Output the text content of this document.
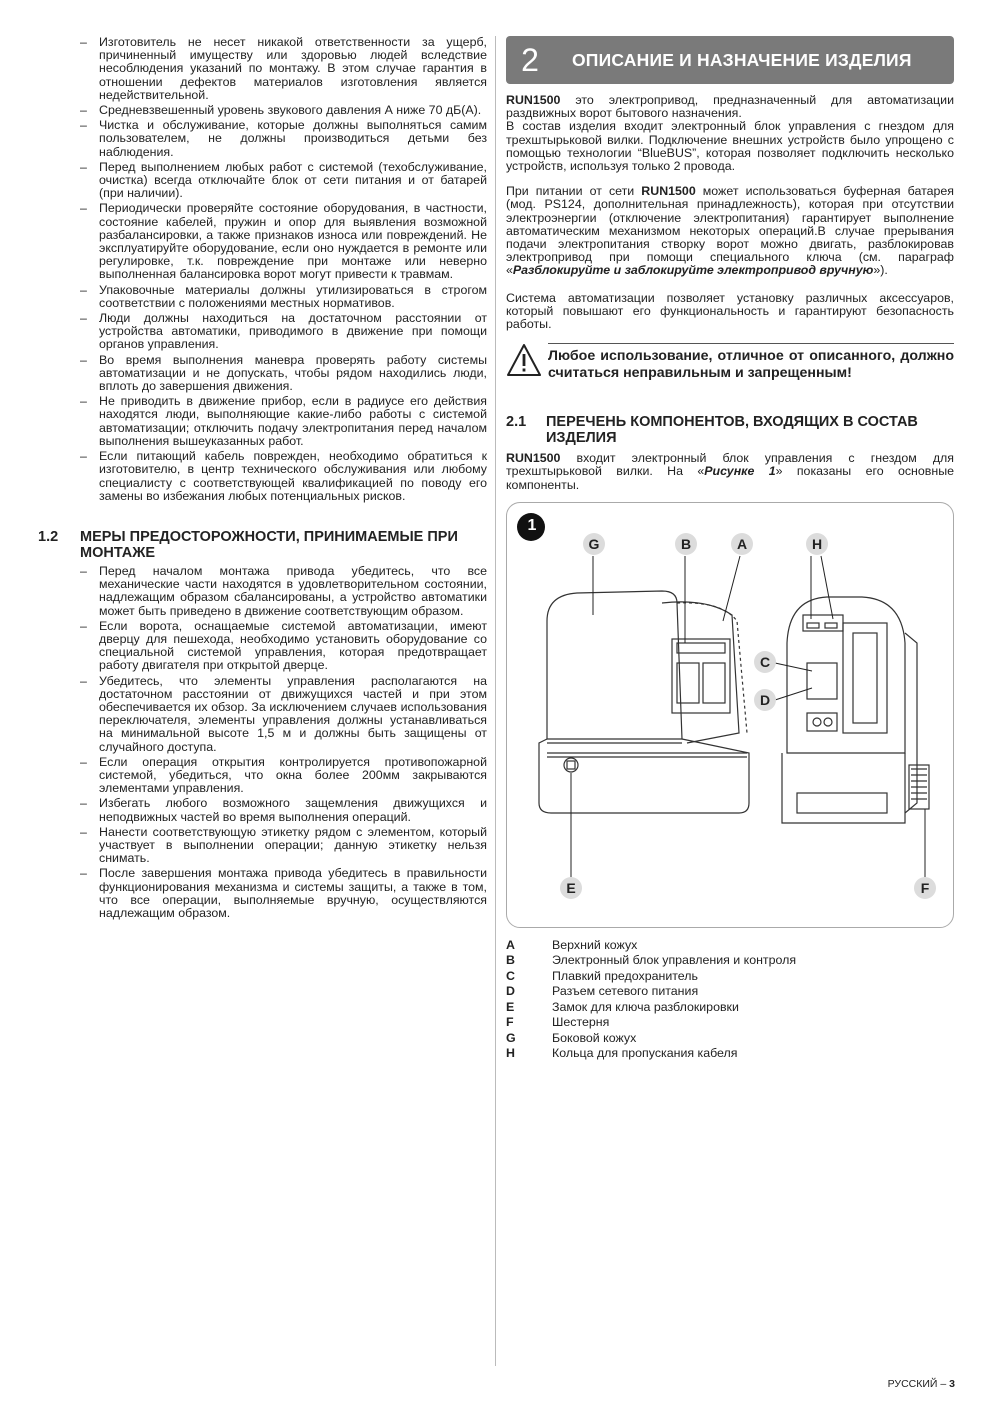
– Изготовитель не несет никакой ответственности за ущерб, причиненный имуществу или здоровью людей вследствие несоблюдения указаний по монтажу. В этом случае гарантия в отношении дефектов материалов изготовления является недействительной.
– Средневзвешенный уровень звукового давления А ниже 70 дБ(А).
– Чистка и обслуживание, которые должны выполняться самим пользователем, не должны производиться детьми без наблюдения.
– Перед выполнением любых работ с системой (техобслуживание, очистка) всегда отключайте блок от сети питания и от батарей (при наличии).
– Периодически проверяйте состояние оборудования, в частности, состояние кабелей, пружин и опор для выявления возможной разбалансировки, а также признаков износа или повреждений. Не эксплуатируйте оборудование, если оно нуждается в ремонте или регулировке, т.к. повреждение при монтаже или неверно выполненная балансировка ворот могут привести к травмам.
– Упаковочные материалы должны утилизироваться в строгом соответствии с положениями местных нормативов.
– Люди должны находиться на достаточном расстоянии от устройства автоматики, приводимого в движение при помощи органов управления.
– Во время выполнения маневра проверять работу системы автоматизации и не допускать, чтобы рядом находились люди, вплоть до завершения движения.
– Не приводить в движение прибор, если в радиусе его действия находятся люди, выполняющие какие-либо работы с системой автоматизации; отключить подачу электропитания перед началом выполнения вышеуказанных работ.
– Если питающий кабель поврежден, необходимо обратиться к изготовителю, в центр технического обслуживания или любому специалисту с соответствующей квалификацией по поводу его замены во избежания любых потенциальных рисков.
1.2 МЕРЫ ПРЕДОСТОРОЖНОСТИ, ПРИНИМАЕМЫЕ ПРИ МОНТАЖЕ
– Перед началом монтажа привода убедитесь, что все механические части находятся в удовлетворительном состоянии, надлежащим образом сбалансированы, а устройство автоматики может быть приведено в движение соответствующим образом.
– Если ворота, оснащаемые системой автоматизации, имеют дверцу для пешехода, необходимо установить оборудование со специальной системой управления, которая предотвращает работу двигателя при открытой дверце.
– Убедитесь, что элементы управления располагаются на достаточном расстоянии от движущихся частей и при этом обеспечивается их обзор. За исключением случаев использования переключателя, элементы управления должны устанавливаться на минимальной высоте 1,5 м и должны быть защищены от случайного доступа.
– Если операция открытия контролируется противопожарной системой, убедиться, что окна более 200мм закрываются элементами управления.
– Избегать любого возможного защемления движущихся и неподвижных частей во время выполнения операций.
– Нанести соответствующую этикетку рядом с элементом, который участвует в выполнении операции; данную этикетку нельзя снимать.
– После завершения монтажа привода убедитесь в правильности функционирования механизма и системы защиты, а также в том, что все операции, выполняемые вручную, осуществляются надлежащим образом.
2	ОПИСАНИЕ И НАЗНАЧЕНИЕ ИЗДЕЛИЯ

RUN1500 это электропривод, предназначенный для автоматизации раздвижных ворот бытового назначения.
В состав изделия входит электронный блок управления с гнездом для трехштырьковой вилки. Подключение внешних устройств было упрощено с помощью технологии “BlueBUS”, которая позволяет подключить несколько устройств, используя только 2 провода.

При питании от сети RUN1500 может использоваться буферная батарея (мод. PS124, дополнительная принадлежность), которая при отсутствии электроэнергии (отключение электропитания) гарантирует выполнение автоматическим механизмом некоторых операций.В случае прерывания подачи электропитания створку ворот можно двигать, разблокировав электропривод при помощи специального ключа (см. параграф «Разблокируйте и заблокируйте электропривод вручную»).

Система автоматизации позволяет установку различных аксессуаров, который повышают его функциональность и гарантируют безопасность работы.

Любое использование, отличное от описанного, должно считаться неправильным и запрещенным!
2.1	ПЕРЕЧЕНЬ КОМПОНЕНТОВ, ВХОДЯЩИХ В СОСТАВ ИЗДЕЛИЯ

RUN1500 входит электронный блок управления с гнездом для трехштырьковой вилки. На «Рисунке 1» показаны его основные компоненты.

1
G	B	A	H
C
D
E	F
A	Верхний кожух
B	Электронный блок управления и контроля
C	Плавкий предохранитель
D	Разъем сетевого питания
E	Замок для ключа разблокировки
F	Шестерня
G	Боковой кожух
H	Кольца для пропускания кабеля
РУССКИЙ – 3
